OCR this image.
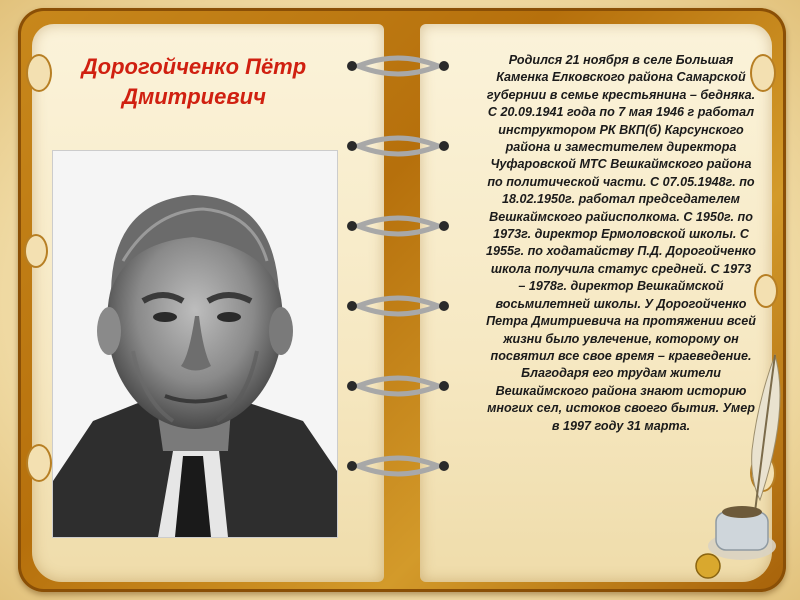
Дорогойченко Пётр
Дмитриевич
Родился 21 ноября в селе Большая Каменка Елковского района Самарской губернии в семье крестьянина – бедняка. С 20.09.1941 года по 7 мая 1946 г работал инструктором РК ВКП(б) Карсунского района и заместителем директора Чуфаровской МТС Вешкаймского района по политической части. С 07.05.1948г. по 18.02.1950г. работал председателем Вешкаймского райисполкома. С 1950г. по 1973г. директор Ермоловской школы. С 1955г. по ходатайству П.Д. Дорогойченко школа получила статус средней. С 1973 – 1978г. директор Вешкаймской восьмилетней школы. У Дорогойченко Петра Дмитриевича на протяжении всей жизни было увлечение, которому он посвятил все свое время – краеведение. Благодаря его трудам жители Вешкаймского района знают историю многих сел, истоков своего бытия. Умер в 1997 году 31 марта.
